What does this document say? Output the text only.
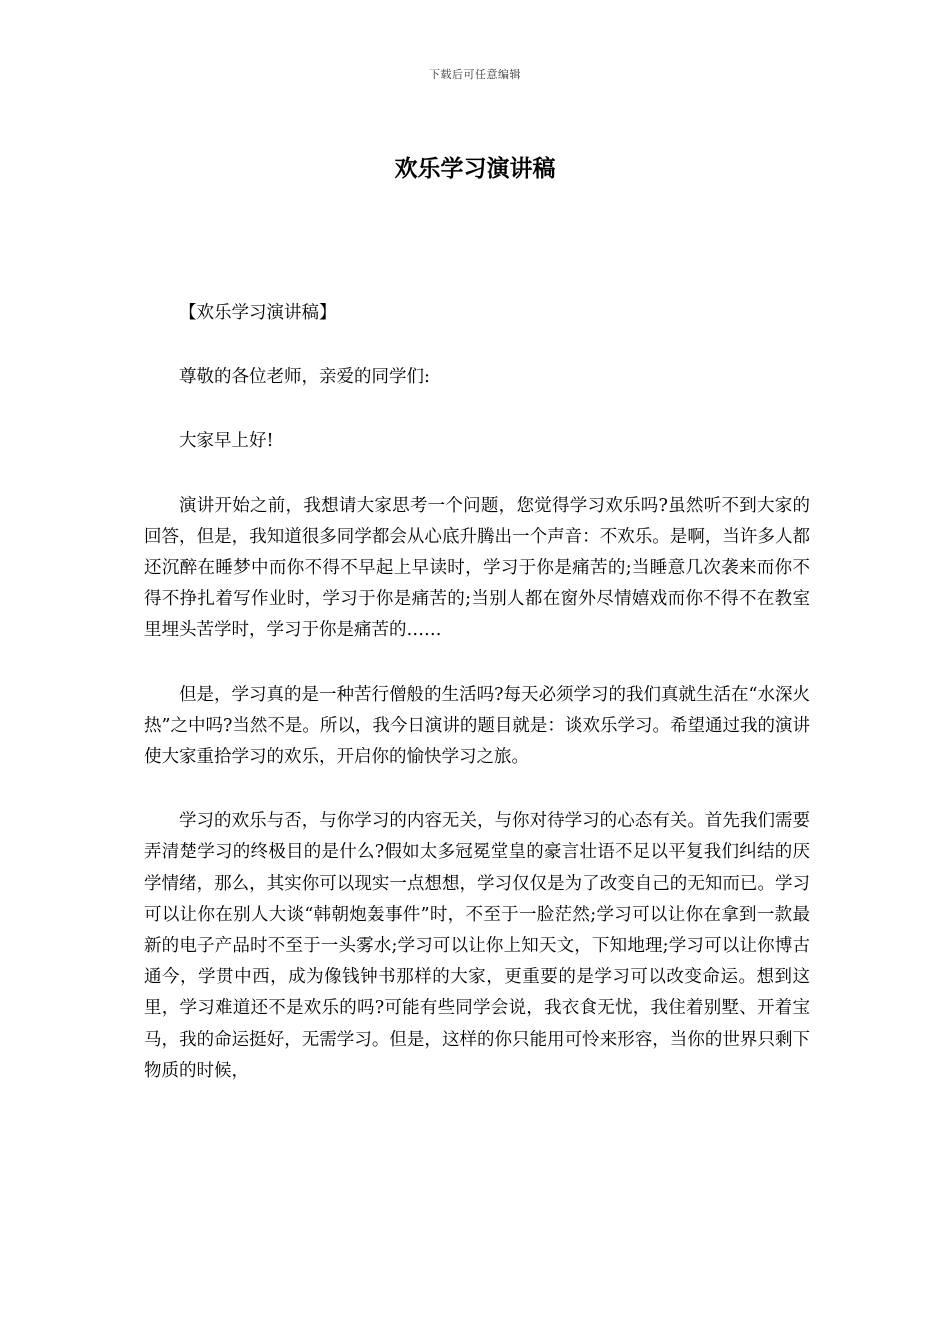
下载后可任意编辑
欢乐学习演讲稿

【欢乐学习演讲稿】

尊敬的各位老师，亲爱的同学们:

大家早上好!

演讲开始之前，我想请大家思考一个问题，您觉得学习欢乐吗?虽然听不到大家的回答，但是，我知道很多同学都会从心底升腾出一个声音：不欢乐。是啊，当许多人都还沉醉在睡梦中而你不得不早起上早读时，学习于你是痛苦的;当睡意几次袭来而你不得不挣扎着写作业时，学习于你是痛苦的;当别人都在窗外尽情嬉戏而你不得不在教室里埋头苦学时，学习于你是痛苦的……

但是，学习真的是一种苦行僧般的生活吗?每天必须学习的我们真就生活在“水深火热”之中吗?当然不是。所以，我今日演讲的题目就是：谈欢乐学习。希望通过我的演讲使大家重拾学习的欢乐，开启你的愉快学习之旅。

学习的欢乐与否，与你学习的内容无关，与你对待学习的心态有关。首先我们需要弄清楚学习的终极目的是什么?假如太多冠冕堂皇的豪言壮语不足以平复我们纠结的厌学情绪，那么，其实你可以现实一点想想，学习仅仅是为了改变自己的无知而已。学习可以让你在别人大谈“韩朝炮轰事件”时，不至于一脸茫然;学习可以让你在拿到一款最新的电子产品时不至于一头雾水;学习可以让你上知天文，下知地理;学习可以让你博古通今，学贯中西，成为像钱钟书那样的大家，更重要的是学习可以改变命运。想到这里，学习难道还不是欢乐的吗?可能有些同学会说，我衣食无忧，我住着别墅、开着宝马，我的命运挺好，无需学习。但是，这样的你只能用可怜来形容，当你的世界只剩下物质的时候，
